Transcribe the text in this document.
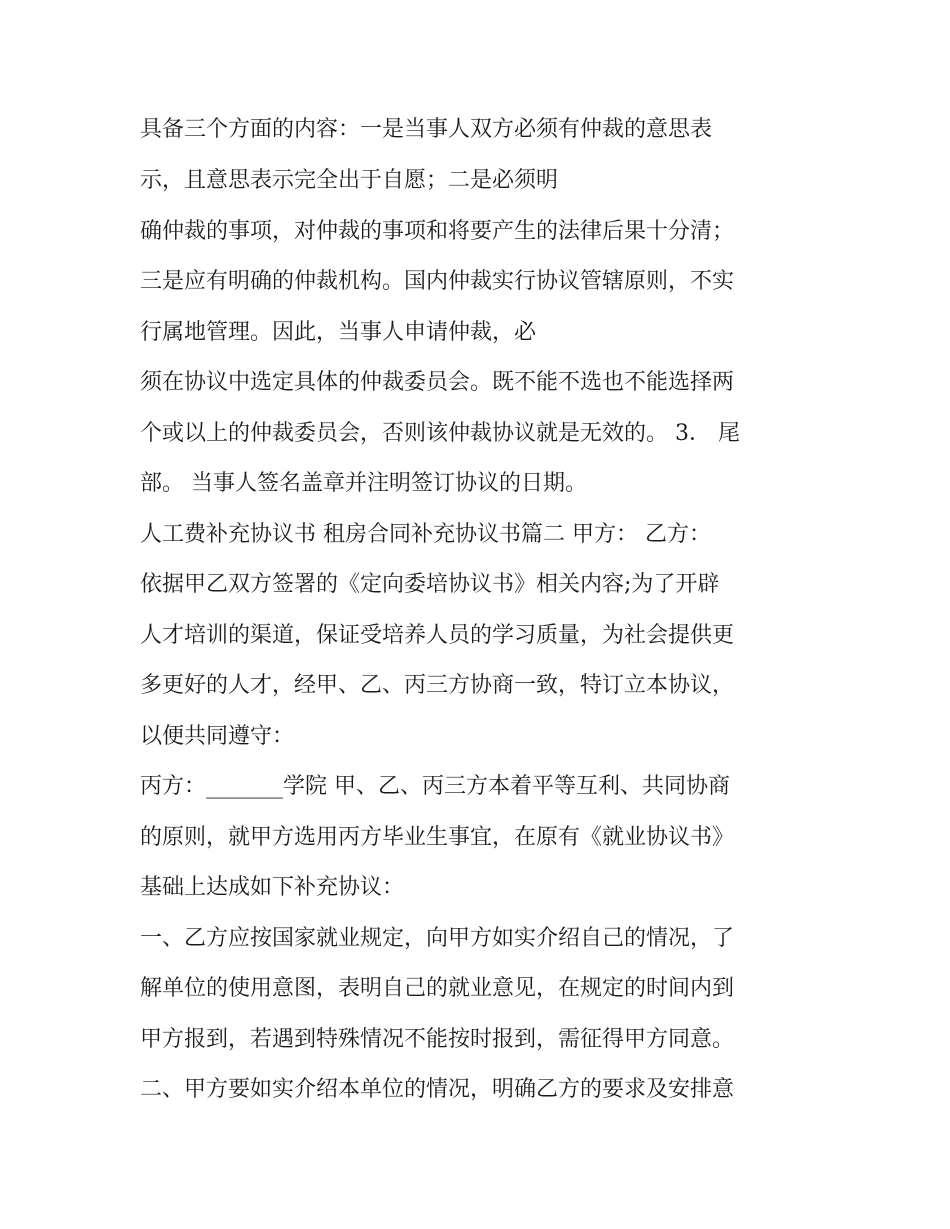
具备三个方面的内容：一是当事人双方必须有仲裁的意思表
示，且意思表示完全出于自愿；二是必须明
确仲裁的事项，对仲裁的事项和将要产生的法律后果十分清；
三是应有明确的仲裁机构。国内仲裁实行协议管辖原则，不实
行属地管理。因此，当事人申请仲裁，必
须在协议中选定具体的仲裁委员会。既不能不选也不能选择两
个或以上的仲裁委员会，否则该仲裁协议就是无效的。 3． 尾
部。 当事人签名盖章并注明签订协议的日期。
人工费补充协议书 租房合同补充协议书篇二 甲方： 乙方：
依据甲乙双方签署的《定向委培协议书》相关内容;为了开辟
人才培训的渠道，保证受培养人员的学习质量，为社会提供更
多更好的人才，经甲、乙、丙三方协商一致，特订立本协议，
以便共同遵守：
丙方：_______学院 甲、乙、丙三方本着平等互利、共同协商
的原则，就甲方选用丙方毕业生事宜，在原有《就业协议书》
基础上达成如下补充协议：
一、乙方应按国家就业规定，向甲方如实介绍自己的情况，了
解单位的使用意图，表明自己的就业意见，在规定的时间内到
甲方报到，若遇到特殊情况不能按时报到，需征得甲方同意。
二、甲方要如实介绍本单位的情况，明确乙方的要求及安排意
